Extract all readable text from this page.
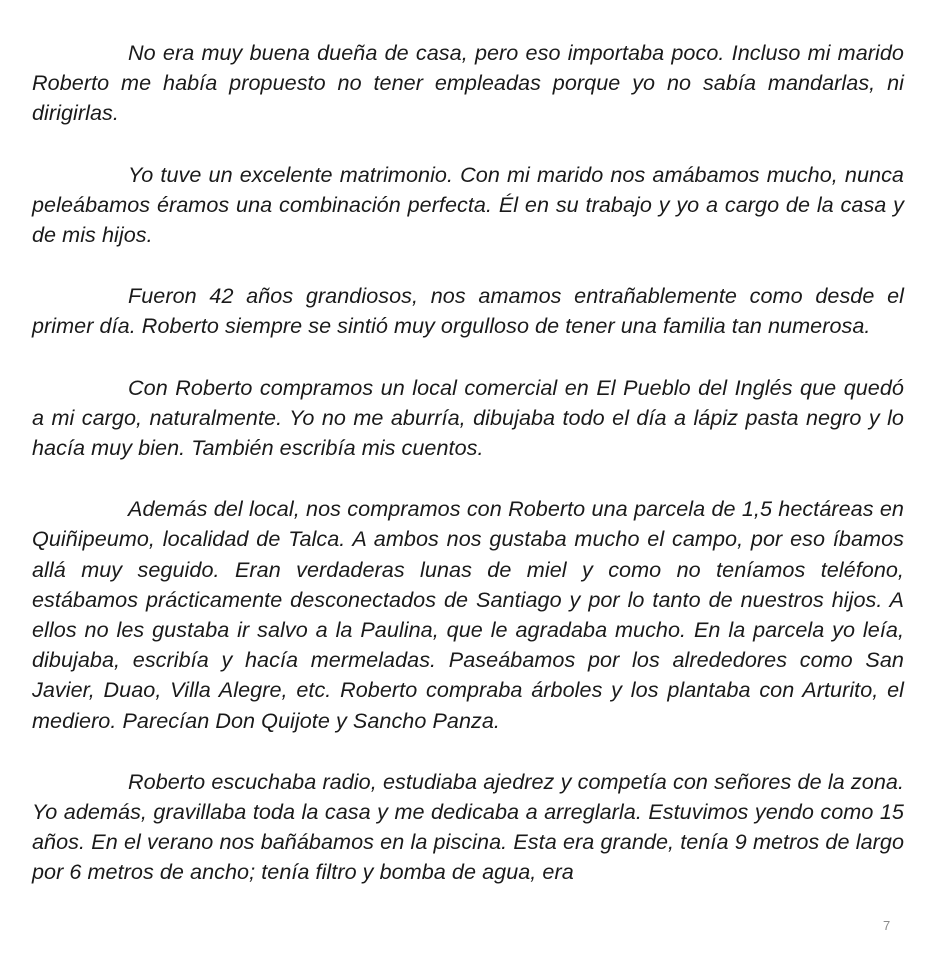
No era muy buena dueña de casa, pero eso importaba poco. Incluso mi marido Roberto me había propuesto no tener empleadas porque yo no sabía mandarlas, ni dirigirlas.

Yo tuve un excelente matrimonio. Con mi marido nos amábamos mucho, nunca peleábamos éramos una combinación perfecta. Él en su trabajo y yo a cargo de la casa y de mis hijos.

Fueron 42 años grandiosos, nos amamos entrañablemente como desde el primer día. Roberto siempre se sintió muy orgulloso de tener una familia tan numerosa.

Con Roberto compramos un local comercial en El Pueblo del Inglés que quedó a mi cargo, naturalmente. Yo no me aburría, dibujaba todo el día a lápiz pasta negro y lo hacía muy bien. También escribía mis cuentos.

Además del local, nos compramos con Roberto una parcela de 1,5 hectáreas en Quiñipeumo, localidad de Talca. A ambos nos gustaba mucho el campo, por eso íbamos allá muy seguido. Eran verdaderas lunas de miel y como no teníamos teléfono, estábamos prácticamente desconectados de Santiago y por lo tanto de nuestros hijos. A ellos no les gustaba ir salvo a la Paulina, que le agradaba mucho. En la parcela yo leía, dibujaba, escribía y hacía mermeladas. Paseábamos por los alrededores como San Javier, Duao, Villa Alegre, etc. Roberto compraba árboles y los plantaba con Arturito, el mediero. Parecían Don Quijote y Sancho Panza.

Roberto escuchaba radio, estudiaba ajedrez y competía con señores de la zona. Yo además, gravillaba toda la casa y me dedicaba a arreglarla. Estuvimos yendo como 15 años. En el verano nos bañábamos en la piscina. Esta era grande, tenía 9 metros de largo por 6 metros de ancho; tenía filtro y bomba de agua, era

7
